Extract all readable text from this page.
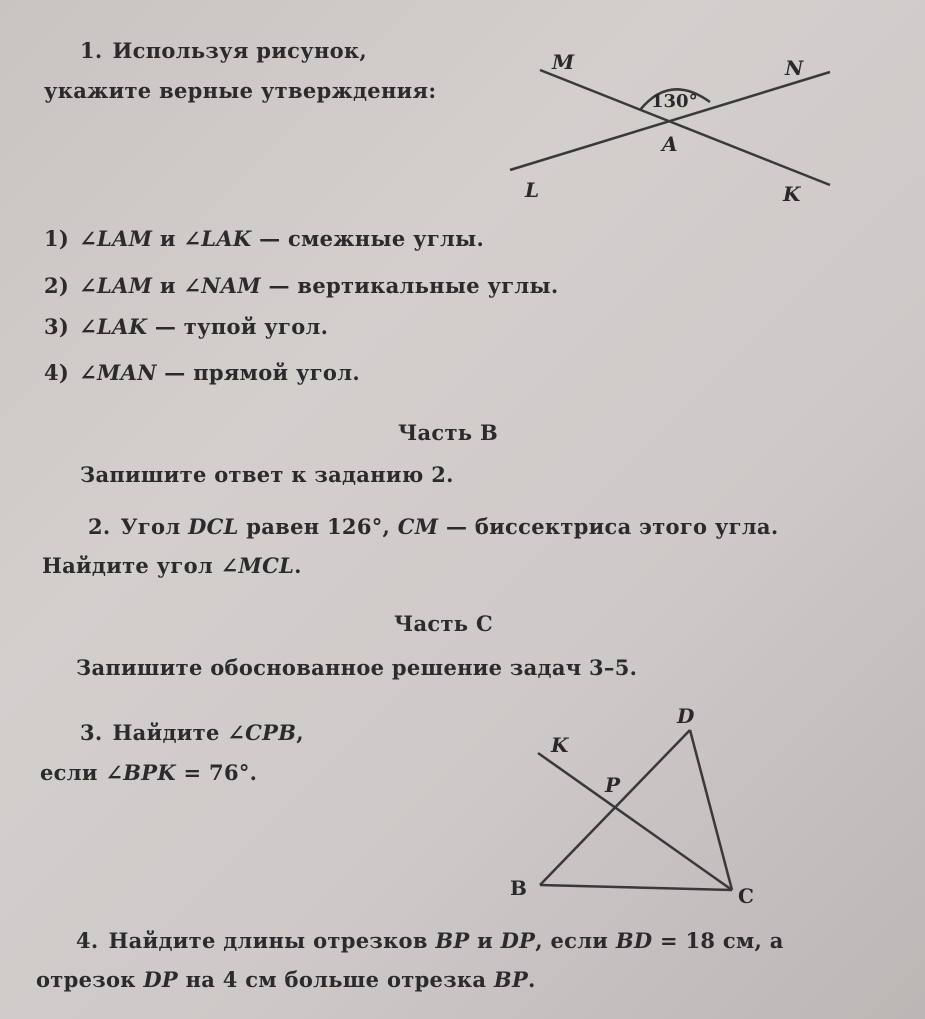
1. Используя рисунок,
укажите верные утверждения:
M	N
130°
A
L	K
1) ∠LAM и ∠LAK — смежные углы.
2) ∠LAM и ∠NAM — вертикальные углы.
3) ∠LAK — тупой угол.
4) ∠MAN — прямой угол.
Часть B
Запишите ответ к заданию 2.
2. Угол DCL равен 126°, CM — биссектриса этого угла.
Найдите угол ∠MCL.
Часть С
Запишите обоснованное решение задач 3–5.
3. Найдите ∠CPB,
если ∠BPK = 76°.
K
D
P
B	C
4. Найдите длины отрезков BP и DP, если BD = 18 см, а
отрезок DP на 4 см больше отрезка BP.
